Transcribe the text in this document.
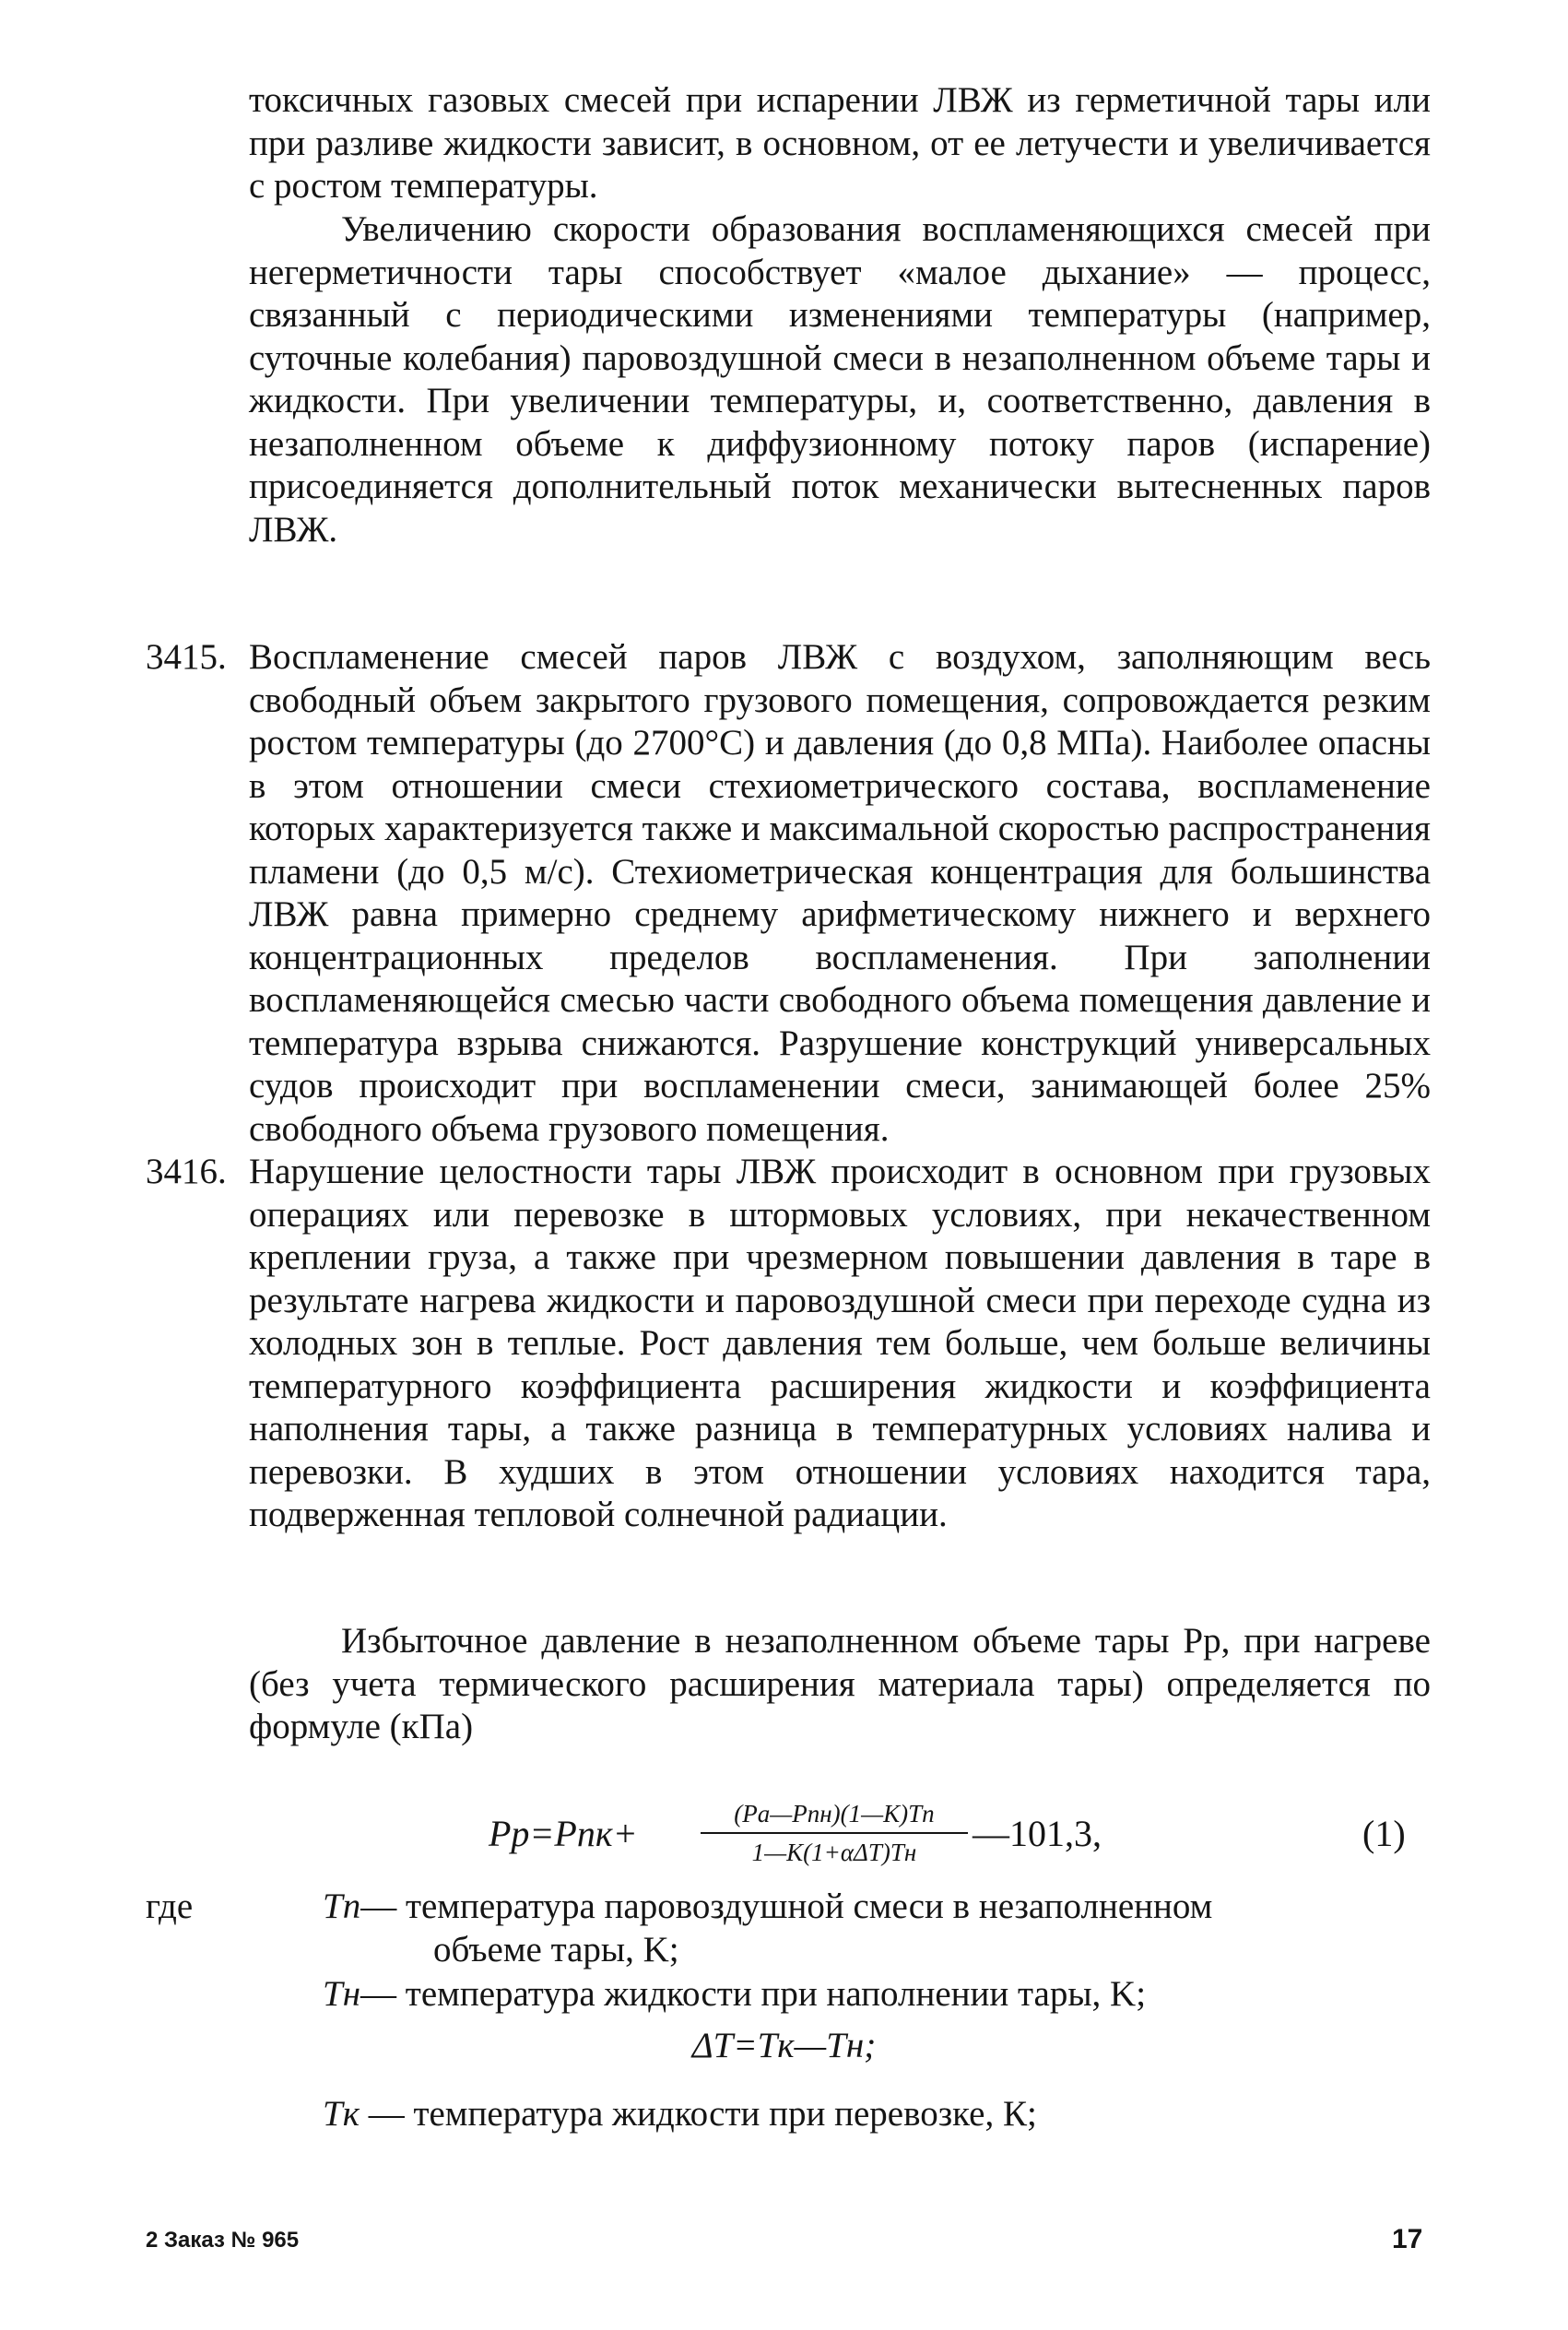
токсичных газовых смесей при испарении ЛВЖ из герметичной тары или при разливе жидкости зависит, в основном, от ее летучести и увеличивается с ростом температуры.

Увеличению скорости образования воспламеняющихся смесей при негерметичности тары способствует «малое дыхание» — процесс, связанный с периодическими изменениями температуры (например, суточные колебания) паровоздушной смеси в незаполненном объеме тары и жидкости. При увеличении температуры, и, соответственно, давления в незаполненном объеме к диффузионному потоку паров (испарение) присоединяется дополнительный поток механически вытесненных паров ЛВЖ.

3415. Воспламенение смесей паров ЛВЖ с воздухом, заполняющим весь свободный объем закрытого грузового помещения, сопровождается резким ростом температуры (до 2700°С) и давления (до 0,8 МПа). Наиболее опасны в этом отношении смеси стехиометрического состава, воспламенение которых характеризуется также и максимальной скоростью распространения пламени (до 0,5 м/с). Стехиометрическая концентрация для большинства ЛВЖ равна примерно среднему арифметическому нижнего и верхнего концентрационных пределов воспламенения. При заполнении воспламеняющейся смесью части свободного объема помещения давление и температура взрыва снижаются. Разрушение конструкций универсальных судов происходит при воспламенении смеси, занимающей более 25% свободного объема грузового помещения.

3416. Нарушение целостности тары ЛВЖ происходит в основном при грузовых операциях или перевозке в штормовых условиях, при некачественном креплении груза, а также при чрезмерном повышении давления в таре в результате нагрева жидкости и паровоздушной смеси при переходе судна из холодных зон в теплые. Рост давления тем больше, чем больше величины температурного коэффициента расширения жидкости и коэффициента наполнения тары, а также разница в температурных условиях налива и перевозки. В худших в этом отношении условиях находится тара, подверженная тепловой солнечной радиации.

Избыточное давление в незаполненном объеме тары Pp, при нагреве (без учета термического расширения материала тары) определяется по формуле (кПа)

Pр=Pпк+	(Pа—Pпн)(1—K)Tп
1—K(1+αΔT)Tн —101,3,	(1)
где	Tп— температура паровоздушной смеси в незаполненном
объеме тары, K;
Tн— температура жидкости при наполнении тары, K;
ΔT=Tк—Tн;
Tк — температура жидкости при перевозке, К;
2 Заказ № 965	17
